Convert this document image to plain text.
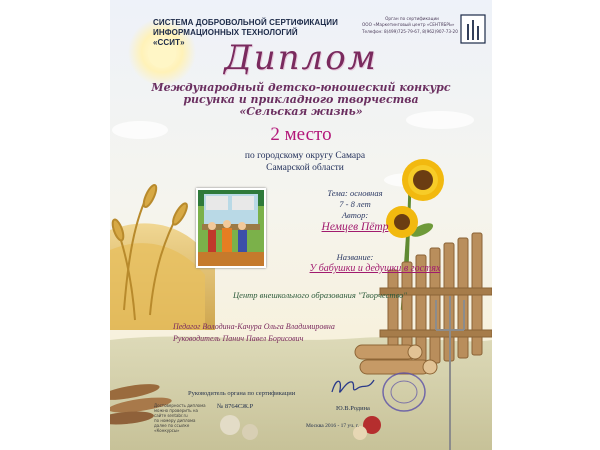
СИСТЕМА ДОБРОВОЛЬНОЙ СЕРТИФИКАЦИИ
ИНФОРМАЦИОННЫХ ТЕХНОЛОГИЙ
«ССИТ»
Орган по сертификации
ООО «Маркетинговый центр «СЕНТЯБРЬ»
Телефон: 8(499)725-79-67, 8(962)907-73-20
Диплом
Международный детско-юношеский конкурс
рисунка и прикладного творчества
«Сельская жизнь»
2 место
по городскому округу Самара
Самарской области
Тема: основная
7 - 8 лет
Автор:
Немцев Пётр
Название:
У бабушки и дедушки в гостях
Центр внешкольного образования "Творчество"
Педагог Володина-Качура Ольга Владимировна
Руководитель Панич Павел Борисович
Руководитель органа по сертификации
№ 8764СЖ.Р	Ю.В.Родина
Москва 2016 - 17 уч. г.
Достоверность диплома
можно проверить на
сайте sentabr.ru
по номеру диплома
далее по ссылке «Конкурсы»
